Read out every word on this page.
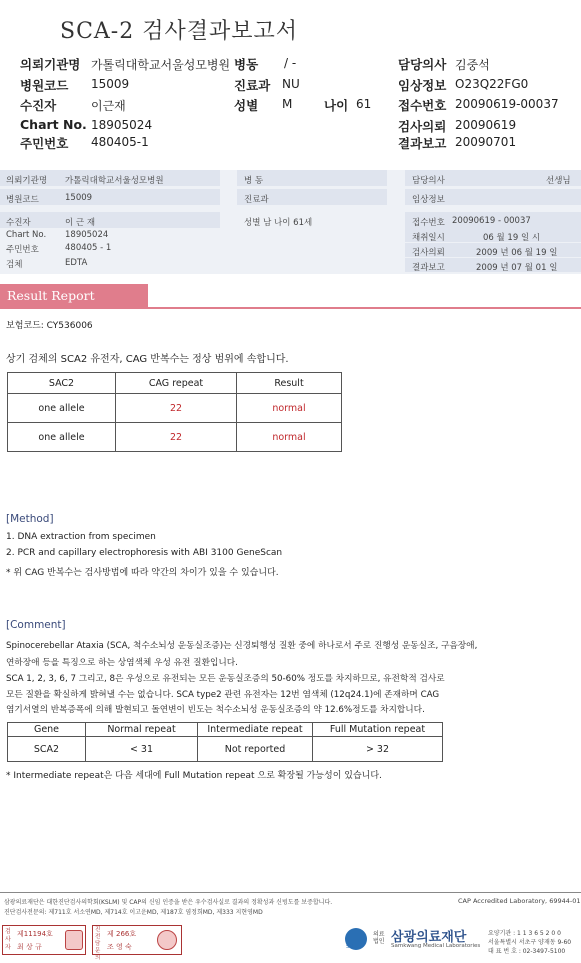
SCA-2 검사결과보고서
의뢰기관명 가톨릭대학교서울성모병원 병동 / -	담당의사 김중석
병원코드 15009	진료과 NU	임상정보 O23Q22FG0
수진자	이근재	성별 M	나이 61 접수번호 20090619-00037
Chart No. 18905024	검사의뢰 20090619
주민번호 480405-1	결과보고 20090701
의뢰기관명 가톨릭대학교서울성모병원	병 동	담당의사	선생님
병원코드	15009	진료과	임상정보
수진자	이 근 재	성별 남 나이 61세	접수번호 20090619 - 00037
Chart No. 18905024	채취일시	06 월 19 일 시
주민번호	480405 - 1	검사의뢰	2009 년 06 월 19 일
검체	EDTA	결과보고	2009 년 07 월 01 일
Result Report
보험코드: CY536006
상기 검체의 SCA2 유전자, CAG 반복수는 정상 범위에 속합니다.
SAC2	CAG repeat	Result
one allele	22	normal
one allele	22	normal
[Method]
1. DNA extraction from specimen
2. PCR and capillary electrophoresis with ABI 3100 GeneScan
* 위 CAG 반복수는 검사방법에 따라 약간의 차이가 있을 수 있습니다.
[Comment]
Spinocerebellar Ataxia (SCA, 척수소뇌성 운동실조증)는 신경퇴행성 질환 중에 하나로서 주로 진행성 운동실조, 구음장애,
연하장애 등을 특징으로 하는 상염색체 우성 유전 질환입니다.
SCA 1, 2, 3, 6, 7 그리고, 8은 우성으로 유전되는 모든 운동실조증의 50-60% 정도를 차지하므로, 유전학적 검사로
모든 질환을 확실하게 밝혀낼 수는 없습니다. SCA type2 관련 유전자는 12번 염색체 (12q24.1)에 존재하며 CAG
염기서열의 반복증폭에 의해 발현되고 돌연변이 빈도는 척수소뇌성 운동실조증의 약 12.6%정도를 차지합니다.
Gene	Normal repeat	Intermediate repeat	Full Mutation repeat
SCA2	< 31	Not reported	> 32
* Intermediate repeat은 다음 세대에 Full Mutation repeat 으로 확장될 가능성이 있습니다.
삼광의료재단은 대한진단검사의학회(KSLM) 및 CAP의 신임 인증을 받은 우수검사실로 결과의 정확성과 신빙도를 보증합니다.
진단검사전문의: 제711호 서소연MD, 제714호 이고운MD, 제187호 염정희MD, 제333 지현영MD
CAP Accredited Laboratory, 69944-01
검사자
제11194호
최 상 규
진전담문의
제 266호
조 영 숙	SML
의료법인 삼광의료재단
Samkwang Medical Laboratories
요양기관 : 1 1 3 6 5 2 0 0
서울특별시 서초구 양재동 9-60
대 표 번 호 : 02-3497-5100
